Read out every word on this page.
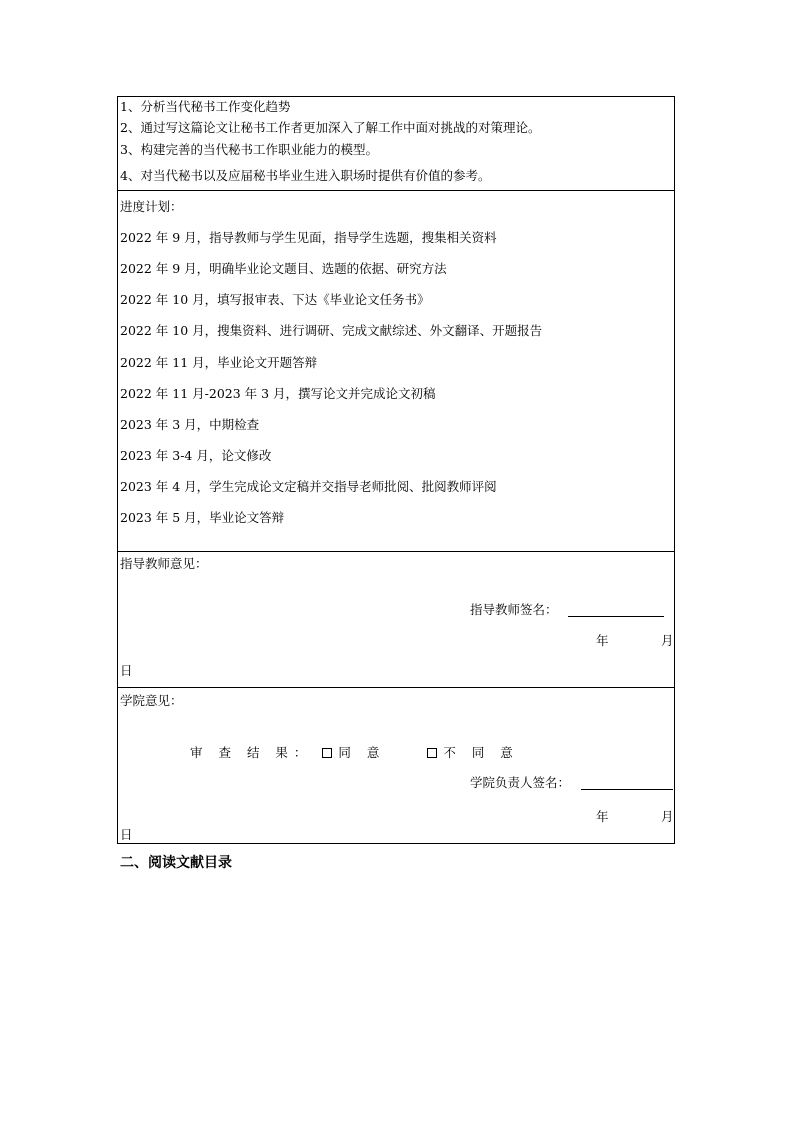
1、分析当代秘书工作变化趋势
2、通过写这篇论文让秘书工作者更加深入了解工作中面对挑战的对策理论。
3、构建完善的当代秘书工作职业能力的模型。
4、对当代秘书以及应届秘书毕业生进入职场时提供有价值的参考。
进度计划：
2022 年 9 月，指导教师与学生见面，指导学生选题，搜集相关资料
2022 年 9 月，明确毕业论文题目、选题的依据、研究方法
2022 年 10 月，填写报审表、下达《毕业论文任务书》
2022 年 10 月，搜集资料、进行调研、完成文献综述、外文翻译、开题报告
2022 年 11 月，毕业论文开题答辩
2022 年 11 月-2023 年 3 月，撰写论文并完成论文初稿
2023 年 3 月，中期检查
2023 年 3-4 月，论文修改
2023 年 4 月，学生完成论文定稿并交指导老师批阅、批阅教师评阅
2023 年 5 月，毕业论文答辩
指导教师意见：
指导教师签名：
年	月
日
学院意见：
审 查 结 果： 同 意	不 同 意
学院负责人签名：
年	月
日
二、阅读文献目录
